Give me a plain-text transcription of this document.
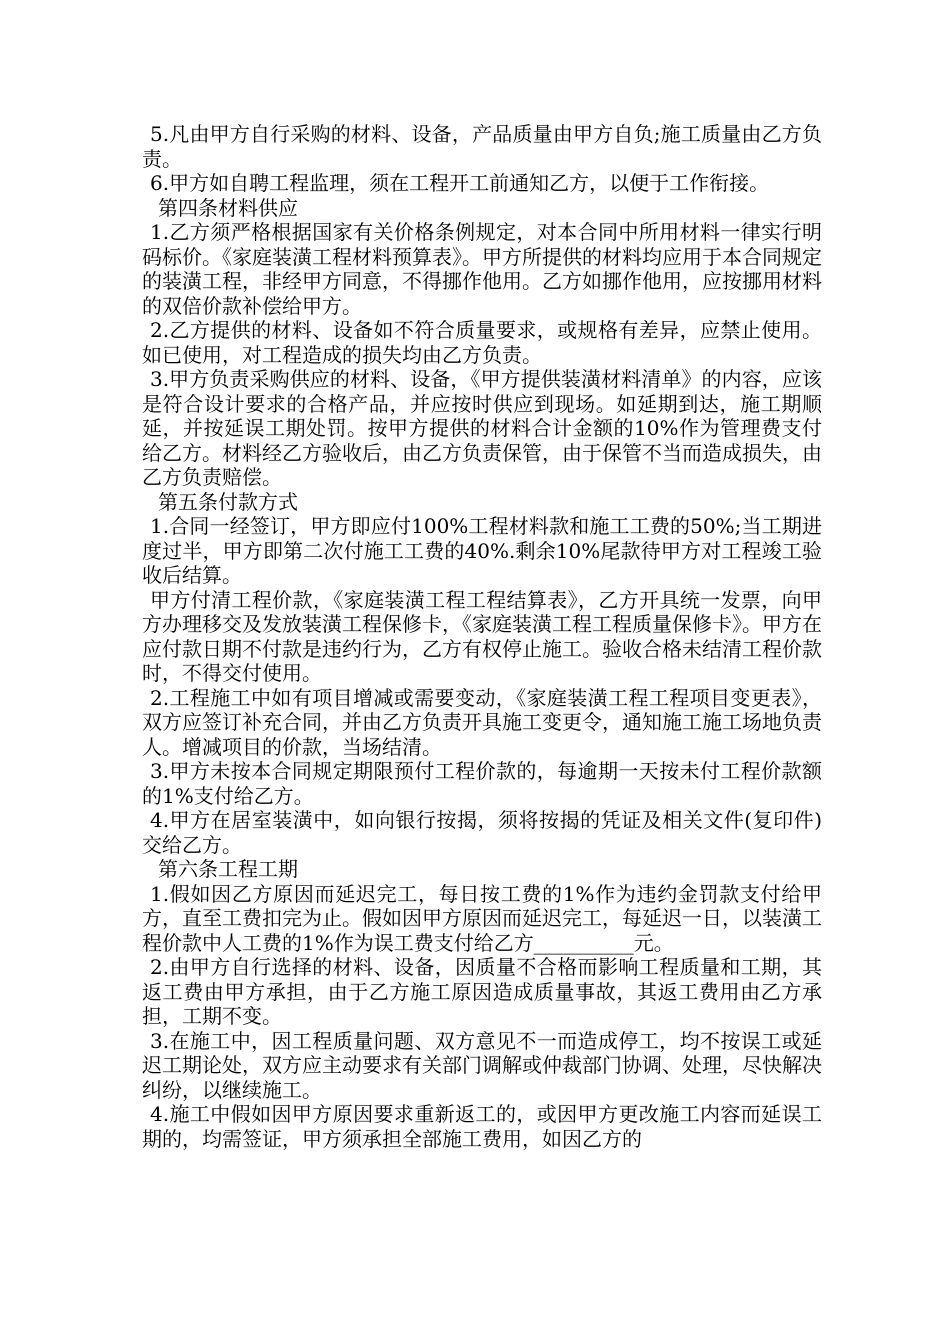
5.凡由甲方自行采购的材料、设备，产品质量由甲方自负;施工质量由乙方负责。

6.甲方如自聘工程监理，须在工程开工前通知乙方，以便于工作衔接。

第四条材料供应

1.乙方须严格根据国家有关价格条例规定，对本合同中所用材料一律实行明码标价。《家庭装潢工程材料预算表》。甲方所提供的材料均应用于本合同规定的装潢工程，非经甲方同意，不得挪作他用。乙方如挪作他用，应按挪用材料的双倍价款补偿给甲方。

2.乙方提供的材料、设备如不符合质量要求，或规格有差异，应禁止使用。如已使用，对工程造成的损失均由乙方负责。

3.甲方负责采购供应的材料、设备，《甲方提供装潢材料清单》的内容，应该是符合设计要求的合格产品，并应按时供应到现场。如延期到达，施工期顺延，并按延误工期处罚。按甲方提供的材料合计金额的10%作为管理费支付给乙方。材料经乙方验收后，由乙方负责保管，由于保管不当而造成损失，由乙方负责赔偿。

第五条付款方式

1.合同一经签订，甲方即应付100%工程材料款和施工工费的50%;当工期进度过半，甲方即第二次付施工工费的40%.剩余10%尾款待甲方对工程竣工验收后结算。

甲方付清工程价款，《家庭装潢工程工程结算表》，乙方开具统一发票，向甲方办理移交及发放装潢工程保修卡，《家庭装潢工程工程质量保修卡》。甲方在应付款日期不付款是违约行为，乙方有权停止施工。验收合格未结清工程价款时，不得交付使用。

2.工程施工中如有项目增减或需要变动，《家庭装潢工程工程项目变更表》，双方应签订补充合同，并由乙方负责开具施工变更令，通知施工施工场地负责人。增减项目的价款，当场结清。

3.甲方未按本合同规定期限预付工程价款的，每逾期一天按未付工程价款额的1%支付给乙方。

4.甲方在居室装潢中，如向银行按揭，须将按揭的凭证及相关文件(复印件)交给乙方。

第六条工程工期

1.假如因乙方原因而延迟完工，每日按工费的1%作为违约金罚款支付给甲方，直至工费扣完为止。假如因甲方原因而延迟完工，每延迟一日，以装潢工程价款中人工费的1%作为误工费支付给乙方__________元。

2.由甲方自行选择的材料、设备，因质量不合格而影响工程质量和工期，其返工费由甲方承担，由于乙方施工原因造成质量事故，其返工费用由乙方承担，工期不变。

3.在施工中，因工程质量问题、双方意见不一而造成停工，均不按误工或延迟工期论处，双方应主动要求有关部门调解或仲裁部门协调、处理，尽快解决纠纷，以继续施工。

4.施工中假如因甲方原因要求重新返工的，或因甲方更改施工内容而延误工期的，均需签证，甲方须承担全部施工费用，如因乙方的
